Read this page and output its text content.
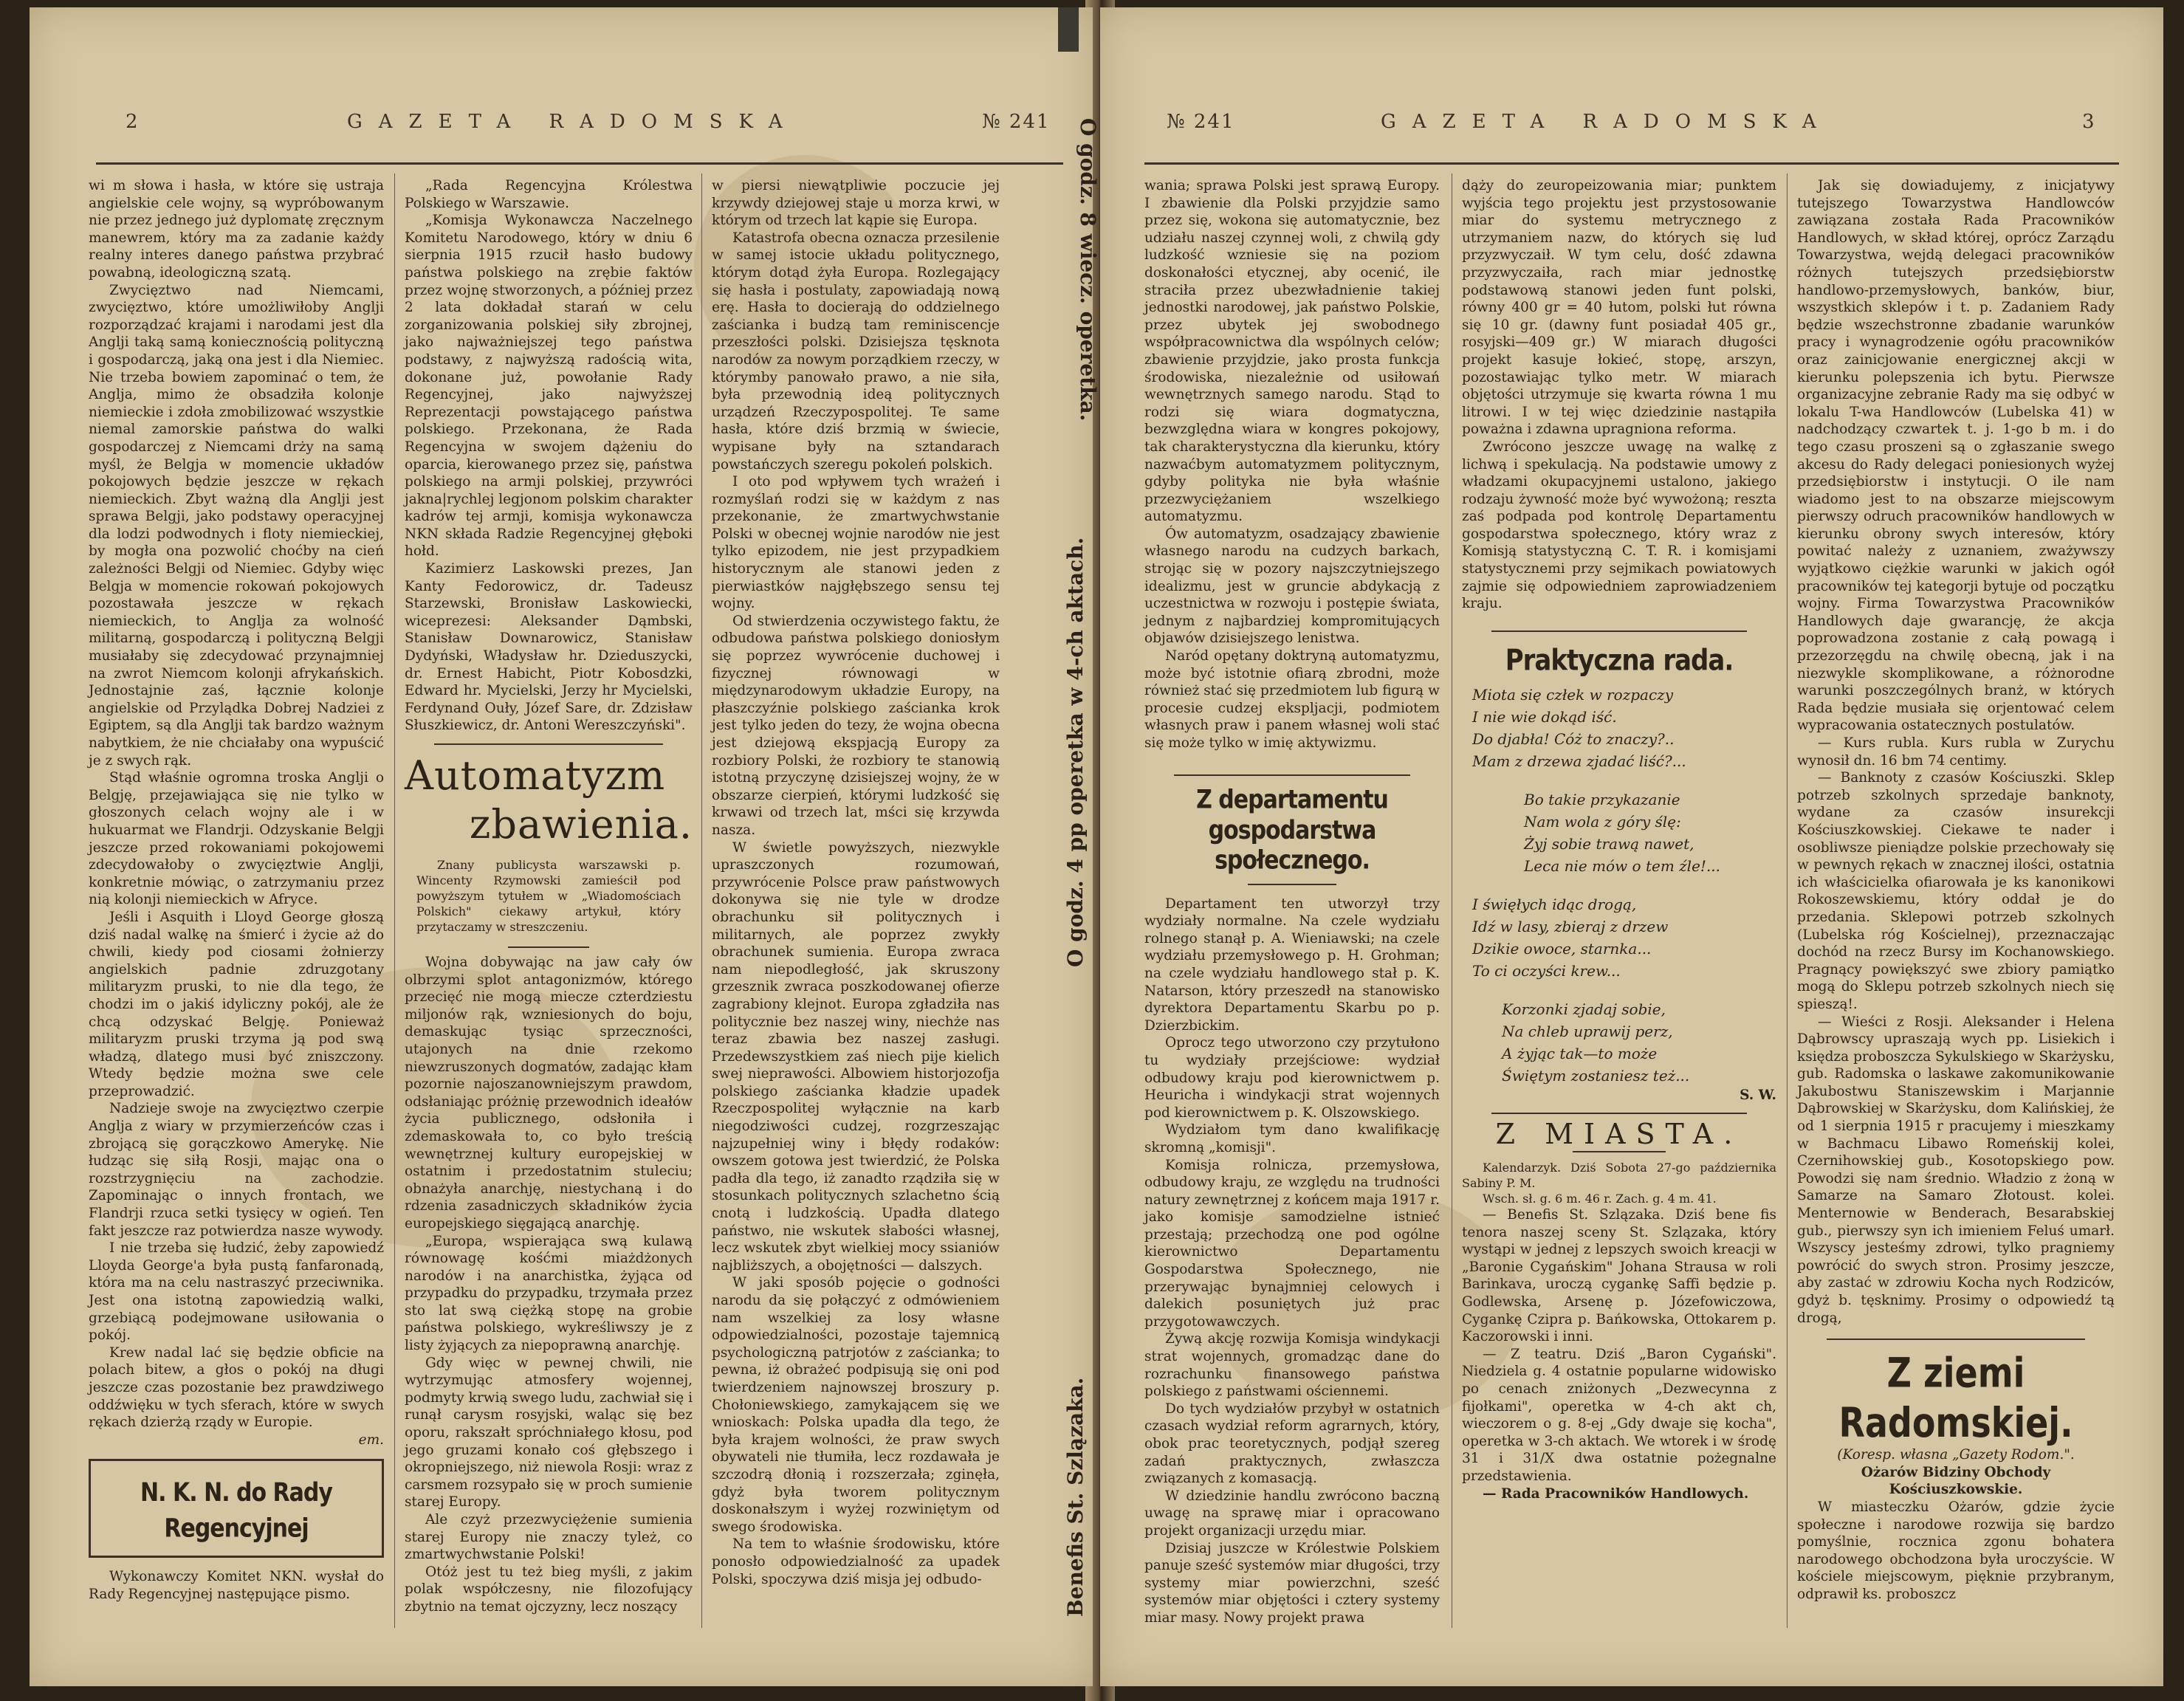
2	GAZETA RADOMSKA	№ 241

wi m słowa i hasła, w które się ustraja angielskie cele wojny, są wypróbowanym nie przez jednego już dyplomatę zręcznym manewrem, który ma za zadanie każdy realny interes danego państwa przybrać powabną, ideologiczną szatą.

Zwycięztwo nad Niemcami, zwycięztwo, które umożliwiłoby Anglji rozporządzać krajami i narodami jest dla Anglji taką samą koniecznością polityczną i gospodarczą, jaką ona jest i dla Niemiec. Nie trzeba bowiem zapominać o tem, że Anglja, mimo że obsadziła kolonje niemieckie i zdoła zmobilizować wszystkie niemal zamorskie państwa do walki gospodarczej z Niemcami drży na samą myśl, że Belgja w momencie układów pokojowych będzie jeszcze w rękach niemieckich. Zbyt ważną dla Anglji jest sprawa Belgji, jako podstawy operacyjnej dla lodzi podwodnych i floty niemieckiej, by mogła ona pozwolić choćby na cień zależności Belgji od Niemiec. Gdyby więc Belgja w momencie rokowań pokojowych pozostawała jeszcze w rękach niemieckich, to Anglja za wolność militarną, gospodarczą i polityczną Belgji musiałaby się zdecydować przynajmniej na zwrot Niemcom kolonji afrykańskich. Jednostajnie zaś, łącznie kolonje angielskie od Przylądka Dobrej Nadziei z Egiptem, są dla Anglji tak bardzo ważnym nabytkiem, że nie chciałaby ona wypuścić je z swych rąk.

Stąd właśnie ogromna troska Anglji o Belgję, przejawiająca się nie tylko w głoszonych celach wojny ale i w hukuarmat we Flandrji. Odzyskanie Belgji jeszcze przed rokowaniami pokojowemi zdecydowałoby o zwycięztwie Anglji, konkretnie mówiąc, o zatrzymaniu przez nią kolonji niemieckich w Afryce.

Jeśli i Asquith i Lloyd George głoszą dziś nadal walkę na śmierć i życie aż do chwili, kiedy pod ciosami żołnierzy angielskich padnie zdruzgotany militaryzm pruski, to nie dla tego, że chodzi im o jakiś idyliczny pokój, ale że chcą odzyskać Belgję. Ponieważ militaryzm pruski trzyma ją pod swą władzą, dlatego musi być zniszczony. Wtedy będzie można swe cele przeprowadzić.

Nadzieje swoje na zwycięztwo czerpie Anglja z wiary w przymierzeńców czas i zbrojącą się gorączkowo Amerykę. Nie łudząc się siłą Rosji, mając ona o rozstrzygnięciu na zachodzie. Zapominając o innych frontach, we Flandrji rzuca setki tysięcy w ogień. Ten fakt jeszcze raz potwierdza nasze wywody.

I nie trzeba się łudzić, żeby zapowiedź Lloyda George'a była pustą fanfaronadą, która ma na celu nastraszyć przeciwnika. Jest ona istotną zapowiedzią walki, grzebiącą podejmowane usiłowania o pokój.

Krew nadal lać się będzie obficie na polach bitew, a głos o pokój na długi jeszcze czas pozostanie bez prawdziwego oddźwięku w tych sferach, które w swych rękach dzierżą rządy w Europie.

em.
N. K. N. do Rady Regencyjnej

Wykonawczy Komitet NKN. wysłał do Rady Regencyjnej następujące pismo.

„Rada Regencyjna Królestwa Polskiego w Warszawie.

„Komisja Wykonawcza Naczelnego Komitetu Narodowego, który w dniu 6 sierpnia 1915 rzucił hasło budowy państwa polskiego na zrębie faktów przez wojnę stworzonych, a później przez 2 lata dokładał starań w celu zorganizowania polskiej siły zbrojnej, jako najważniejszej tego państwa podstawy, z najwyższą radością wita, dokonane już, powołanie Rady Regencyjnej, jako najwyższej Reprezentacji powstającego państwa polskiego. Przekonana, że Rada Regencyjna w swojem dążeniu do oparcia, kierowanego przez się, państwa polskiego na armji polskiej, przywróci jakna|rychlej legjonom polskim charakter kadrów tej armji, komisja wykonawcza NKN składa Radzie Regencyjnej głęboki hołd.

Kazimierz Laskowski prezes, Jan Kanty Fedorowicz, dr. Tadeusz Starzewski, Bronisław Laskowiecki, wiceprezesi: Aleksander Dąmbski, Stanisław Downarowicz, Stanisław Dydyński, Władysław hr. Dzieduszycki, dr. Ernest Habicht, Piotr Kobosdzki, Edward hr. Mycielski, Jerzy hr Mycielski, Ferdynand Ouły, Józef Sare, dr. Zdzisław Słuszkiewicz, dr. Antoni Wereszczyński".

Automatyzm
zbawienia.

Znany publicysta warszawski p. Wincenty Rzymowski zamieścił pod powyższym tytułem w „Wiadomościach Polskich" ciekawy artykuł, który przytaczamy w streszczeniu.

Wojna dobywając na jaw cały ów olbrzymi splot antagonizmów, którego przecięć nie mogą miecze czterdziestu miljonów rąk, wzniesionych do boju, demaskując tysiąc sprzeczności, utajonych na dnie rzekomo niewzruszonych dogmatów, zadając kłam pozornie najoszanowniejszym prawdom, odsłaniając próżnię przewodnich ideałów życia publicznego, odsłoniła i zdemaskowała to, co było treścią wewnętrznej kultury europejskiej w ostatnim i przedostatnim stuleciu; obnażyła anarchję, niestychaną i do rdzenia zasadniczych składników życia europejskiego sięgającą anarchję.

„Europa, wspierająca swą kulawą równowagę kośćmi miażdżonych narodów i na anarchistka, żyjąca od przypadku do przypadku, trzymała przez sto lat swą ciężką stopę na grobie państwa polskiego, wykreśliwszy je z listy żyjących za niepoprawną anarchję.

Gdy więc w pewnej chwili, nie wytrzymując atmosfery wojennej, podmyty krwią swego ludu, zachwiał się i runął carysm rosyjski, waląc się bez oporu, rakszałt spróchniałego kłosu, pod jego gruzami konało coś głębszego i okropniejszego, niż niewola Rosji: wraz z carsmem rozsypało się w proch sumienie starej Europy.

Ale czyż przezwyciężenie sumienia starej Europy nie znaczy tyleż, co zmartwychwstanie Polski!

Otóż jest tu też bieg myśli, z jakim polak współczesny, nie filozofujący zbytnio na temat ojczyzny, lecz noszący

w piersi niewątpliwie poczucie jej krzywdy dziejowej staje u morza krwi, w którym od trzech lat kąpie się Europa.

Katastrofa obecna oznacza przesilenie w samej istocie układu politycznego, którym dotąd żyła Europa. Rozlegający się hasła i postulaty, zapowiadają nową erę. Hasła to docierają do oddzielnego zaścianka i budzą tam reminiscencje przeszłości polski. Dzisiejsza tęsknota narodów za nowym porządkiem rzeczy, w którymby panowało prawo, a nie siła, była przewodnią ideą politycznych urządzeń Rzeczypospolitej. Te same hasła, które dziś brzmią w świecie, wypisane były na sztandarach powstańczych szeregu pokoleń polskich.

I oto pod wpływem tych wrażeń i rozmyślań rodzi się w każdym z nas przekonanie, że zmartwychwstanie Polski w obecnej wojnie narodów nie jest tylko epizodem, nie jest przypadkiem historycznym ale stanowi jeden z pierwiastków najgłębszego sensu tej wojny.

Od stwierdzenia oczywistego faktu, że odbudowa państwa polskiego doniosłym się poprzez wywrócenie duchowej i fizycznej równowagi w międzynarodowym układzie Europy, na płaszczyźnie polskiego zaścianka krok jest tylko jeden do tezy, że wojna obecna jest dziejową ekspjacją Europy za rozbiory Polski, że rozbiory te stanowią istotną przyczynę dzisiejszej wojny, że w obszarze cierpień, którymi ludzkość się krwawi od trzech lat, mści się krzywda nasza.

W świetle powyższych, niezwykle upraszczonych rozumowań, przywrócenie Polsce praw państwowych dokonywa się nie tyle w drodze obrachunku sił politycznych i militarnych, ale poprzez zwykły obrachunek sumienia. Europa zwraca nam niepodległość, jak skruszony grzesznik zwraca poszkodowanej ofierze zagrabiony klejnot. Europa zgładziła nas politycznie bez naszej winy, niechże nas teraz zbawia bez naszej zasługi. Przedewszystkiem zaś niech pije kielich swej nieprawości. Albowiem historjozofja polskiego zaścianka kładzie upadek Rzeczpospolitej wyłącznie na karb niegodziwości cudzej, rozgrzeszając najzupełniej winy i błędy rodaków: owszem gotowa jest twierdzić, że Polska padła dla tego, iż zanadto rządziła się w stosunkach politycznych szlachetno ścią cnotą i ludzkością. Upadła dlatego państwo, nie wskutek słabości własnej, lecz wskutek zbyt wielkiej mocy ssianiów najbliższych, a obojętności — dalszych.

W jaki sposób pojęcie o godności narodu da się połączyć z odmówieniem nam wszelkiej za losy własne odpowiedzialności, pozostaje tajemnicą psychologiczną patrjotów z zaścianka; to pewna, iż obrażeć podpisują się oni pod twierdzeniem najnowszej broszury p. Chołoniewskiego, zamykającem się we wnioskach: Polska upadła dla tego, że była krajem wolności, że praw swych obywateli nie tłumiła, lecz rozdawała je szczodrą dłonią i rozszerzała; zginęła, gdyż była tworem politycznym doskonałszym i wyżej rozwiniętym od swego środowiska.

Na tem to właśnie środowisku, które ponosło odpowiedzialność za upadek Polski, spoczywa dziś misja jej odbudo-

O godz. 8 wiecz. operetka.
O godz. 4 pp operetka w 4-ch aktach.
Benefis St. Szlązaka.
№ 241	GAZETA RADOMSKA	3

wania; sprawa Polski jest sprawą Europy. I zbawienie dla Polski przyjdzie samo przez się, wokona się automatycznie, bez udziału naszej czynnej woli, z chwilą gdy ludzkość wzniesie się na poziom doskonałości etycznej, aby ocenić, ile straciła przez ubezwładnienie takiej jednostki narodowej, jak państwo Polskie, przez ubytek jej swobodnego współpracownictwa dla wspólnych celów; zbawienie przyjdzie, jako prosta funkcja środowiska, niezależnie od usiłowań wewnętrznych samego narodu. Stąd to rodzi się wiara dogmatyczna, bezwzględna wiara w kongres pokojowy, tak charakterystyczna dla kierunku, który nazwaćbym automatyzmem politycznym, gdyby polityka nie była właśnie przezwyciężaniem wszelkiego automatyzmu.

Ów automatyzm, osadzający zbawienie własnego narodu na cudzych barkach, strojąc się w pozory najszczytniejszego idealizmu, jest w gruncie abdykacją z uczestnictwa w rozwoju i postępie świata, jednym z najbardziej kompromitujących objawów dzisiejszego lenistwa.

Naród opętany doktryną automatyzmu, może być istotnie ofiarą zbrodni, może również stać się przedmiotem lub figurą w procesie cudzej ekspljacji, podmiotem własnych praw i panem własnej woli stać się może tylko w imię aktywizmu.

Z departamentu gospodarstwa
społecznego.

Departament ten utworzył trzy wydziały normalne. Na czele wydziału rolnego stanął p. A. Wieniawski; na czele wydziału przemysłowego p. H. Grohman; na czele wydziału handlowego stał p. K. Natarson, który przeszedł na stanowisko dyrektora Departamentu Skarbu po p. Dzierzbickim.

Oprocz tego utworzono czy przytułono tu wydziały przejściowe: wydział odbudowy kraju pod kierownictwem p. Heuricha i windykacji strat wojennych pod kierownictwem p. K. Olszowskiego.

Wydziałom tym dano kwalifikację skromną „komisji".

Komisja rolnicza, przemysłowa, odbudowy kraju, ze względu na trudności natury zewnętrznej z końcem maja 1917 r. jako komisje samodzielne istnieć przestają; przechodzą one pod ogólne kierownictwo Departamentu Gospodarstwa Społecznego, nie przerywając bynajmniej celowych i dalekich posuniętych już prac przygotowawczych.

Żywą akcję rozwija Komisja windykacji strat wojennych, gromadząc dane do rozrachunku finansowego państwa polskiego z państwami ościennemi.

Do tych wydziałów przybył w ostatnich czasach wydział reform agrarnych, który, obok prac teoretycznych, podjął szereg zadań praktycznych, zwłaszcza związanych z komasacją.

W dziedzinie handlu zwrócono baczną uwagę na sprawę miar i opracowano projekt organizacji urzędu miar.

Dzisiaj juszcze w Królestwie Polskiem panuje sześć systemów miar długości, trzy systemy miar powierzchni, sześć systemów miar objętości i cztery systemy miar masy. Nowy projekt prawa

dąży do zeuropeizowania miar; punktem wyjścia tego projektu jest przystosowanie miar do systemu metrycznego z utrzymaniem nazw, do których się lud przyzwyczaił. W tym celu, dość zdawna przyzwyczaiła, rach miar jednostkę podstawową stanowi jeden funt polski, równy 400 gr = 40 łutom, polski łut równa się 10 gr. (dawny funt posiadał 405 gr., rosyjski—409 gr.) W miarach długości projekt kasuje łokieć, stopę, arszyn, pozostawiając tylko metr. W miarach objętości utrzymuje się kwarta równa 1 mu litrowi. I w tej więc dziedzinie nastąpiła poważna i zdawna upragniona reforma.

Zwrócono jeszcze uwagę na walkę z lichwą i spekulacją. Na podstawie umowy z władzami okupacyjnemi ustalono, jakiego rodzaju żywność może być wywożoną; reszta zaś podpada pod kontrolę Departamentu gospodarstwa społecznego, który wraz z Komisją statystyczną C. T. R. i komisjami statystycznemi przy sejmikach powiatowych zajmie się odpowiedniem zaprowiadzeniem kraju.

Praktyczna rada.
Miota się człek w rozpaczy
I nie wie dokąd iść.
Do djabła! Cóż to znaczy?..
Mam z drzewa zjadać liść?...
Bo takie przykazanie
Nam wola z góry ślę:
Żyj sobie trawą nawet,
Leca nie mów o tem źle!...
I święłych idąc drogą,
Idź w lasy, zbieraj z drzew
Dzikie owoce, starnka...
To ci oczyści krew...
Korzonki zjadaj sobie,
Na chleb uprawij perz,
A żyjąc tak—to może
Świętym zostaniesz też...
S. W.
Z MIASTA.

Kalendarzyk. Dziś Sobota 27-go października Sabiny P. M.

Wsch. sł. g. 6 m. 46 r. Zach. g. 4 m. 41.

— Benefis St. Szlązaka. Dziś bene fis tenora naszej sceny St. Szlązaka, który wystąpi w jednej z lepszych swoich kreacji w „Baronie Cygańskim" Johana Strausa w roli Barinkava, uroczą cygankę Saffi będzie p. Godlewska, Arsenę p. Józefowiczowa, Cygankę Czipra p. Bańkowska, Ottokarem p. Kaczorowski i inni.

— Z teatru. Dziś „Baron Cygański". Niedziela g. 4 ostatnie popularne widowisko po cenach zniżonych „Dezwecynna z fijołkami", operetka w 4-ch akt ch, wieczorem o g. 8-ej „Gdy dwaje się kocha", operetka w 3-ch aktach. We wtorek i w środę 31 i 31/X dwa ostatnie pożegnalne przedstawienia.

— Rada Pracowników Handlowych.

Jak się dowiadujemy, z inicjatywy tutejszego Towarzystwa Handlowców zawiązana została Rada Pracowników Handlowych, w skład której, oprócz Zarządu Towarzystwa, wejdą delegaci pracowników różnych tutejszych przedsiębiorstw handlowo-przemysłowych, banków, biur, wszystkich sklepów i t. p. Zadaniem Rady będzie wszechstronne zbadanie warunków pracy i wynagrodzenie ogółu pracowników oraz zainicjowanie energicznej akcji w kierunku polepszenia ich bytu. Pierwsze organizacyjne zebranie Rady ma się odbyć w lokalu T-wa Handlowców (Lubelska 41) w nadchodzący czwartek t. j. 1-go b m. i do tego czasu proszeni są o zgłaszanie swego akcesu do Rady delegaci poniesionych wyżej przedsiębiorstw i instytucji. O ile nam wiadomo jest to na obszarze miejscowym pierwszy odruch pracowników handlowych w kierunku obrony swych interesów, który powitać należy z uznaniem, zważywszy wyjątkowo ciężkie warunki w jakich ogół pracowników tej kategorji bytuje od początku wojny. Firma Towarzystwa Pracowników Handlowych daje gwarancję, że akcja poprowadzona zostanie z całą powagą i przezorzęgdu na chwilę obecną, jak i na niezwykle skomplikowane, a różnorodne warunki poszczególnych branż, w których Rada będzie musiała się orjentować celem wypracowania ostatecznych postulatów.

— Kurs rubla. Kurs rubla w Zurychu wynosił dn. 16 bm 74 centimy.

— Banknoty z czasów Kościuszki. Sklep potrzeb szkolnych sprzedaje banknoty, wydane za czasów insurekcji Kościuszkowskiej. Ciekawe te nader i osobliwsze pieniądze polskie przechowały się w pewnych rękach w znacznej ilości, ostatnia ich właścicielka ofiarowała je ks kanonikowi Rokoszewskiemu, który oddał je do przedania. Sklepowi potrzeb szkolnych (Lubelska róg Kościelnej), przeznaczając dochód na rzecz Bursy im Kochanowskiego. Pragnący powiększyć swe zbiory pamiątko mogą do Sklepu potrzeb szkolnych niech się spieszą!.

— Wieści z Rosji. Aleksander i Helena Dąbrowscy upraszają wych pp. Lisiekich i księdza proboszcza Sykulskiego w Skarżysku, gub. Radomska o laskawe zakomunikowanie Jakubostwu Staniszewskim i Marjannie Dąbrowskiej w Skarżysku, dom Kalińskiej, że od 1 sierpnia 1915 r pracujemy i mieszkamy w Bachmacu Libawo Romeńskij kolei, Czernihowskiej gub., Kosotopskiego pow. Powodzi się nam średnio. Władzio z żoną w Samarze na Samaro Złotoust. kolei. Menternowie w Benderach, Besarabskiej gub., pierwszy syn ich imieniem Feluś umarł. Wszyscy jesteśmy zdrowi, tylko pragniemy powrócić do swych stron. Prosimy jeszcze, aby zastać w zdrowiu Kocha nych Rodziców, gdyż b. tęsknimy. Prosimy o odpowiedź tą drogą,

Z ziemi Radomskiej.

(Koresp. własna „Gazety Rodom.".

Ożarów Bidziny Obchody Kościuszkowskie.

W miasteczku Ożarów, gdzie życie społeczne i narodowe rozwija się bardzo pomyślnie, rocznica zgonu bohatera narodowego obchodzona była uroczyście. W kościele miejscowym, pięknie przybranym, odprawił ks. proboszcz
